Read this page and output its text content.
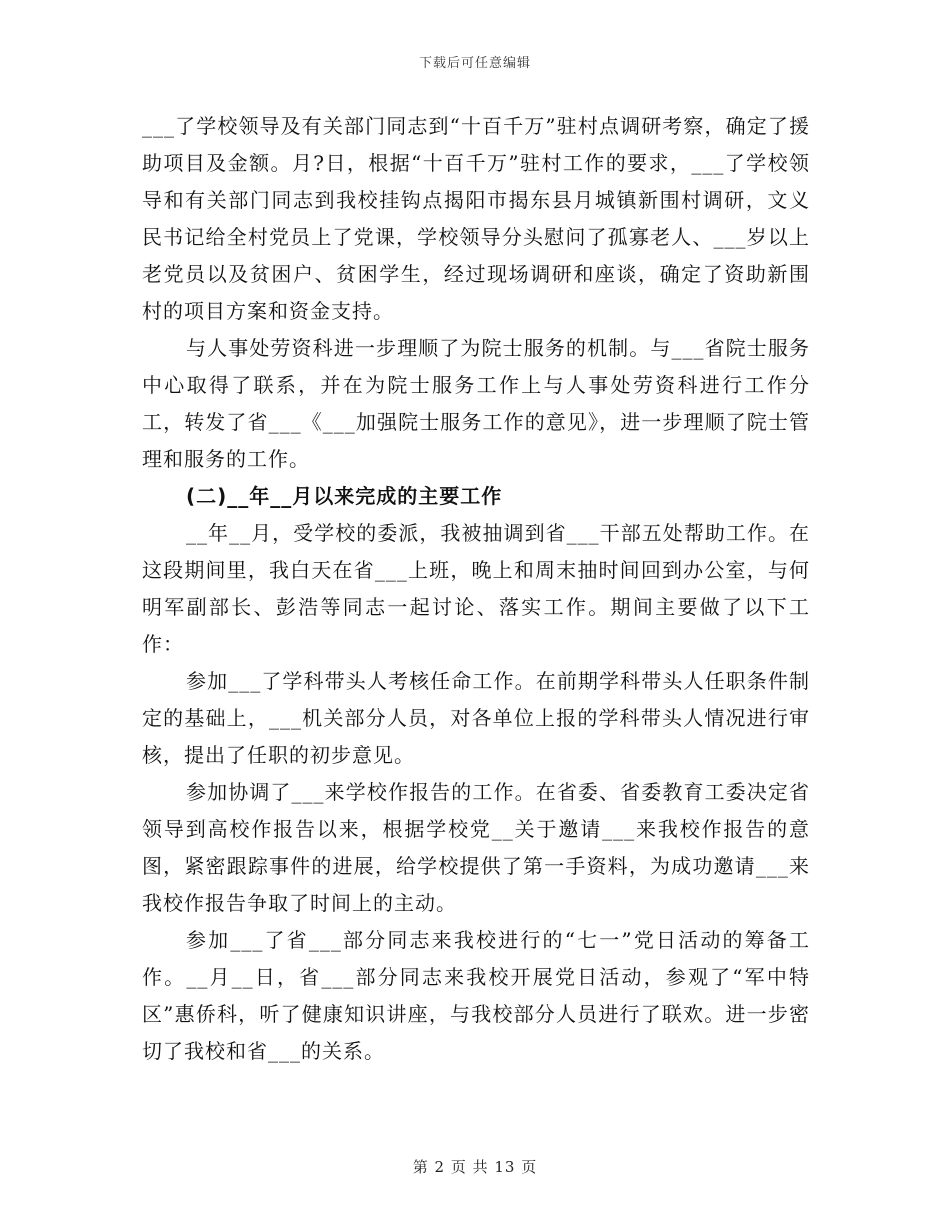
下载后可任意编辑

___了学校领导及有关部门同志到“十百千万”驻村点调研考察，确定了援助项目及金额。月?日，根据“十百千万”驻村工作的要求，___了学校领导和有关部门同志到我校挂钩点揭阳市揭东县月城镇新围村调研，文义民书记给全村党员上了党课，学校领导分头慰问了孤寡老人、___岁以上老党员以及贫困户、贫困学生，经过现场调研和座谈，确定了资助新围村的项目方案和资金支持。

与人事处劳资科进一步理顺了为院士服务的机制。与___省院士服务中心取得了联系，并在为院士服务工作上与人事处劳资科进行工作分工，转发了省___《___加强院士服务工作的意见》，进一步理顺了院士管理和服务的工作。

(二)__年__月以来完成的主要工作

__年__月，受学校的委派，我被抽调到省___干部五处帮助工作。在这段期间里，我白天在省___上班，晚上和周末抽时间回到办公室，与何明军副部长、彭浩等同志一起讨论、落实工作。期间主要做了以下工作：

参加___了学科带头人考核任命工作。在前期学科带头人任职条件制定的基础上，___机关部分人员，对各单位上报的学科带头人情况进行审核，提出了任职的初步意见。

参加协调了___来学校作报告的工作。在省委、省委教育工委决定省领导到高校作报告以来，根据学校党__关于邀请___来我校作报告的意图，紧密跟踪事件的进展，给学校提供了第一手资料，为成功邀请___来我校作报告争取了时间上的主动。

参加___了省___部分同志来我校进行的“七一”党日活动的筹备工作。__月__日，省___部分同志来我校开展党日活动，参观了“军中特区”惠侨科，听了健康知识讲座，与我校部分人员进行了联欢。进一步密切了我校和省___的关系。

第 2 页 共 13 页
